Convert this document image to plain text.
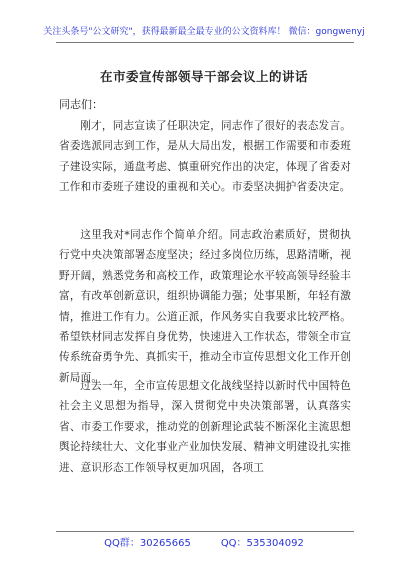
关注头条号"公文研究"，获得最新最全最专业的公文资料库！ 微信：gongwenyj
在市委宣传部领导干部会议上的讲话
同志们：
刚才，同志宣读了任职决定，同志作了很好的表态发言。省委选派同志到工作，是从大局出发，根据工作需要和市委班子建设实际，通盘考虑、慎重研究作出的决定，体现了省委对工作和市委班子建设的重视和关心。市委坚决拥护省委决定。
这里我对*同志作个简单介绍。同志政治素质好，贯彻执行党中央决策部署态度坚决；经过多岗位历练，思路清晰，视野开阔，熟悉党务和高校工作，政策理论水平较高领导经验丰富，有改革创新意识，组织协调能力强；处事果断，年轻有激情，推进工作有力。公道正派，作风务实自我要求比较严格。希望铁材同志发挥自身优势，快速进入工作状态，带领全市宣传系统奋勇争先、真抓实干，推动全市宣传思想文化工作开创新局面。
过去一年，全市宣传思想文化战线坚持以新时代中国特色社会主义思想为指导，深入贯彻党中央决策部署，认真落实省、市委工作要求，推动党的创新理论武装不断深化主流思想舆论持续壮大、文化事业产业加快发展、精神文明建设扎实推进、意识形态工作领导权更加巩固，各项工
QQ群：30265665	QQ：535304092
